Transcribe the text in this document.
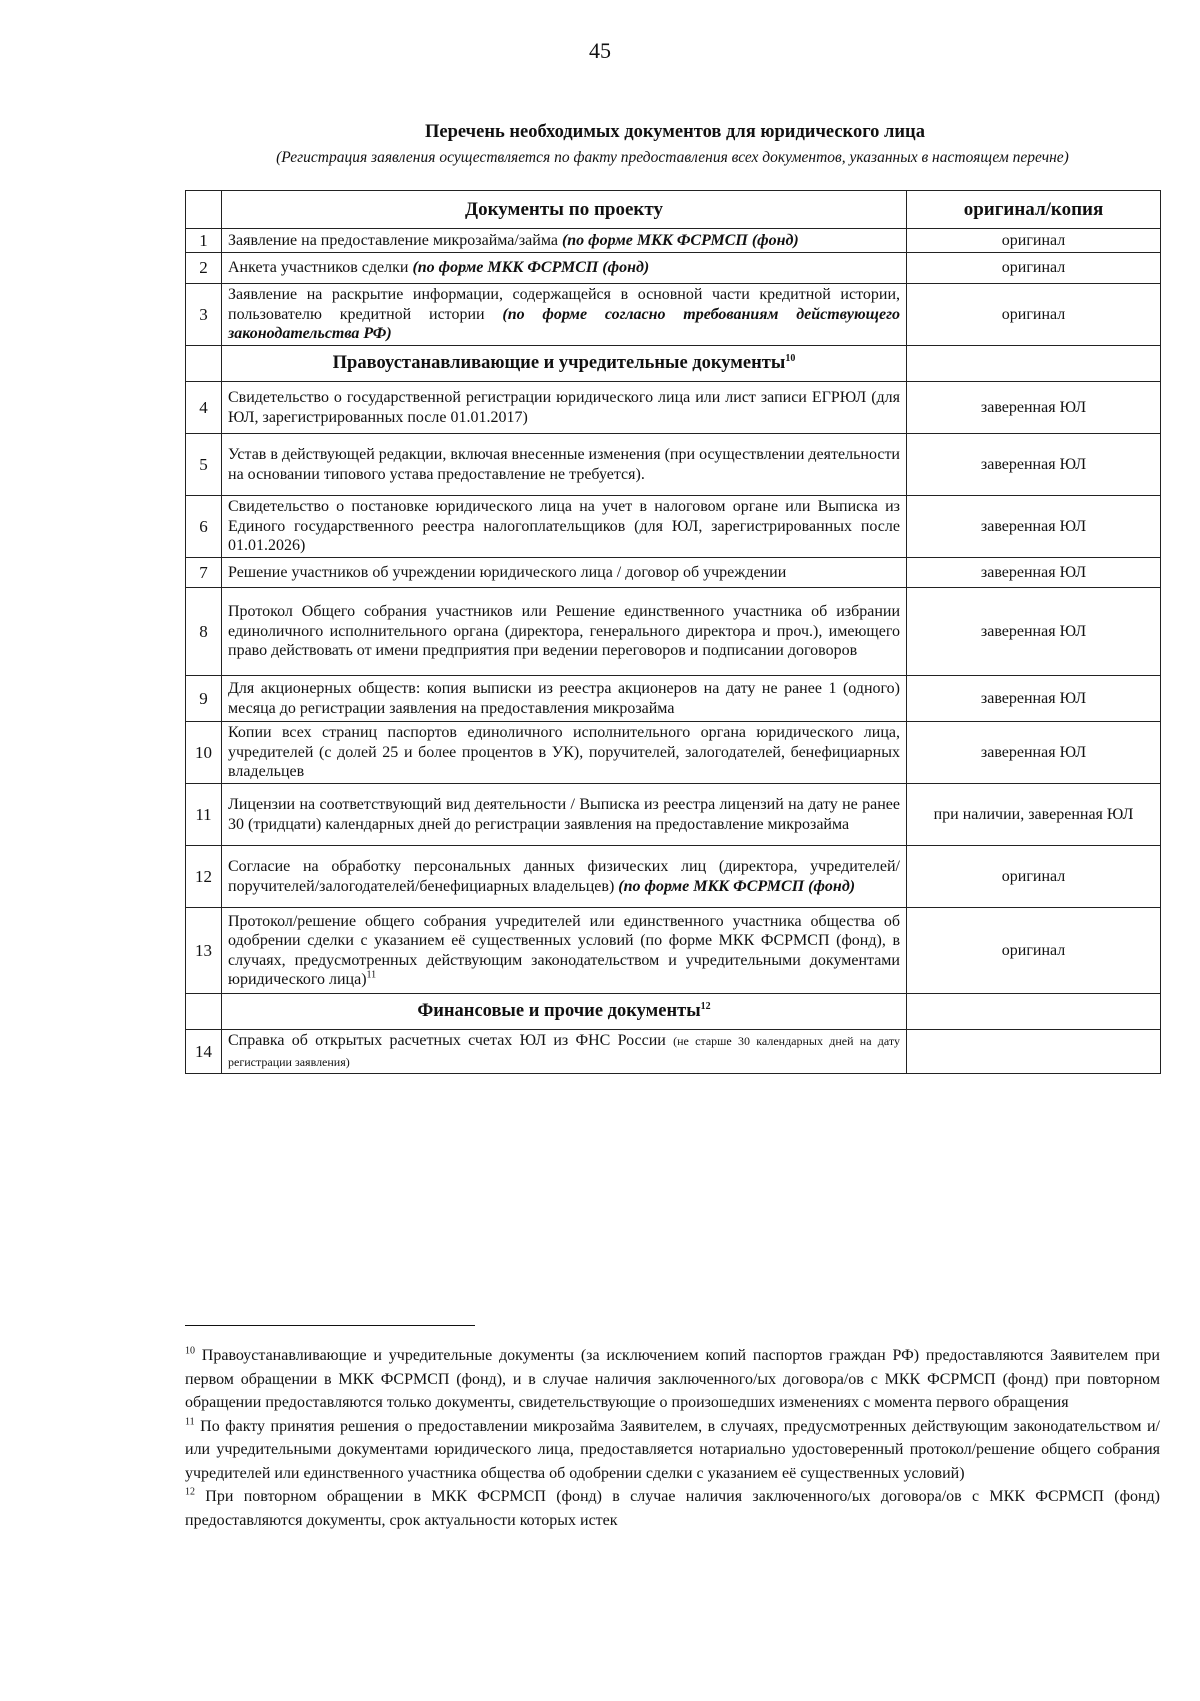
45
Перечень необходимых документов для юридического лица
(Регистрация заявления осуществляется по факту предоставления всех документов, указанных в настоящем перечне)
	Документы по проекту	оригинал/копия
1	Заявление на предоставление микрозайма/займа (по форме МКК ФСРМСП (фонд)	оригинал
2	Анкета участников сделки (по форме МКК ФСРМСП (фонд)	оригинал
3	Заявление на раскрытие информации, содержащейся в основной части кредитной истории, пользователю кредитной истории (по форме согласно требованиям действующего законодательства РФ)	оригинал
	Правоустанавливающие и учредительные документы$^{10}$	
4	Свидетельство о государственной регистрации юридического лица или лист записи ЕГРЮЛ (для ЮЛ, зарегистрированных после 01.01.2017)	заверенная ЮЛ
5	Устав в действующей редакции, включая внесенные изменения (при осуществлении деятельности на основании типового устава предоставление не требуется).	заверенная ЮЛ
6	Свидетельство о постановке юридического лица на учет в налоговом органе или Выписка из Единого государственного реестра налогоплательщиков (для ЮЛ, зарегистрированных после 01.01.2026)	заверенная ЮЛ
7	Решение участников об учреждении юридического лица / договор об учреждении	заверенная ЮЛ
8	Протокол Общего собрания участников или Решение единственного участника об избрании единоличного исполнительного органа (директора, генерального директора и проч.), имеющего право действовать от имени предприятия при ведении переговоров и подписании договоров	заверенная ЮЛ
9	Для акционерных обществ: копия выписки из реестра акционеров на дату не ранее 1 (одного) месяца до регистрации заявления на предоставления микрозайма	заверенная ЮЛ
10	Копии всех страниц паспортов единоличного исполнительного органа юридического лица, учредителей (с долей 25 и более процентов в УК), поручителей, залогодателей, бенефициарных владельцев	заверенная ЮЛ
11	Лицензии на соответствующий вид деятельности / Выписка из реестра лицензий на дату не ранее 30 (тридцати) календарных дней до регистрации заявления на предоставление микрозайма	при наличии, заверенная ЮЛ
12	Согласие на обработку персональных данных физических лиц (директора, учредителей/поручителей/залогодателей/бенефициарных владельцев) (по форме МКК ФСРМСП (фонд)	оригинал
13	Протокол/решение общего собрания учредителей или единственного участника общества об одобрении сделки с указанием её существенных условий (по форме МКК ФСРМСП (фонд), в случаях, предусмотренных действующим законодательством и учредительными документами юридического лица)$^{11}$	оригинал
	Финансовые и прочие документы$^{12}$	
14	Справка об открытых расчетных счетах ЮЛ из ФНС России (не старше 30 календарных дней на дату регистрации заявления)	

$^{10}$ Правоустанавливающие и учредительные документы (за исключением копий паспортов граждан РФ) предоставляются Заявителем при первом обращении в МКК ФСРМСП (фонд), и в случае наличия заключенного/ых договора/ов с МКК ФСРМСП (фонд) при повторном обращении предоставляются только документы, свидетельствующие о произошедших изменениях с момента первого обращения

$^{11}$ По факту принятия решения о предоставлении микрозайма Заявителем, в случаях, предусмотренных действующим законодательством и/или учредительными документами юридического лица, предоставляется нотариально удостоверенный протокол/решение общего собрания учредителей или единственного участника общества об одобрении сделки с указанием её существенных условий)

$^{12}$ При повторном обращении в МКК ФСРМСП (фонд) в случае наличия заключенного/ых договора/ов с МКК ФСРМСП (фонд) предоставляются документы, срок актуальности которых истек
